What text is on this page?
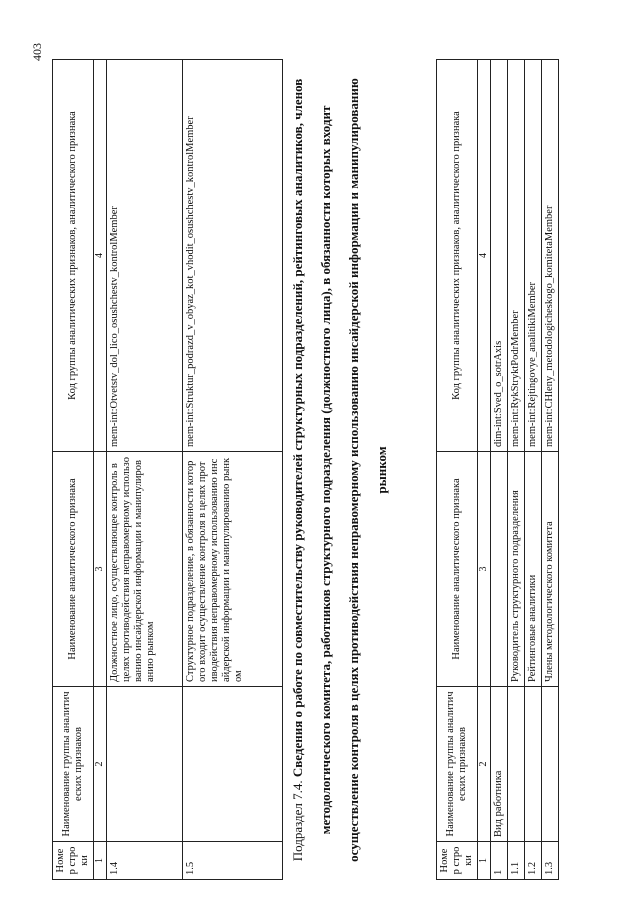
403
Номер строки	Наименование группы аналитических признаков	Наименование аналитического признака	Код группы аналитических признаков, аналитического признака
1	2	3	4
1.4		Должностное лицо, осуществляющее контроль в целях противодействия неправомерному использованию инсайдерской информации и манипулированию рынком	mem-int:Otvetstv_dol_lico_osushchestv_kontrolMember
1.5		Структурное подразделение, в обязанности которого входит осуществление контроля в целях противодействия неправомерному использованию инсайдерской информации и манипулированию рынком	mem-int:Struktur_podrazd_v_obyaz_kot_vhodit_osushchestv_kontrolMember
Подраздел 7.4. Сведения о работе по совместительству руководителей структурных подразделений, рейтинговых аналитиков, членов методологического комитета, работников структурного подразделения (должностного лица), в обязанности которых входит осуществление контроля в целях противодействия неправомерному использованию инсайдерской информации и манипулированию рынком
Номер строки	Наименование группы аналитических признаков	Наименование аналитического признака	Код группы аналитических признаков, аналитического признака
1	2	3	4
1	Вид работника		dim-int:Sved_o_sotrAxis
1.1		Руководитель структурного подразделения	mem-int:RykStryktPodrMember
1.2		Рейтинговые аналитики	mem-int:Rejtingovye_analitikiMember
1.3		Члены методологического комитета	mem-int:CHleny_metodologicheskogo_komitetaMember
